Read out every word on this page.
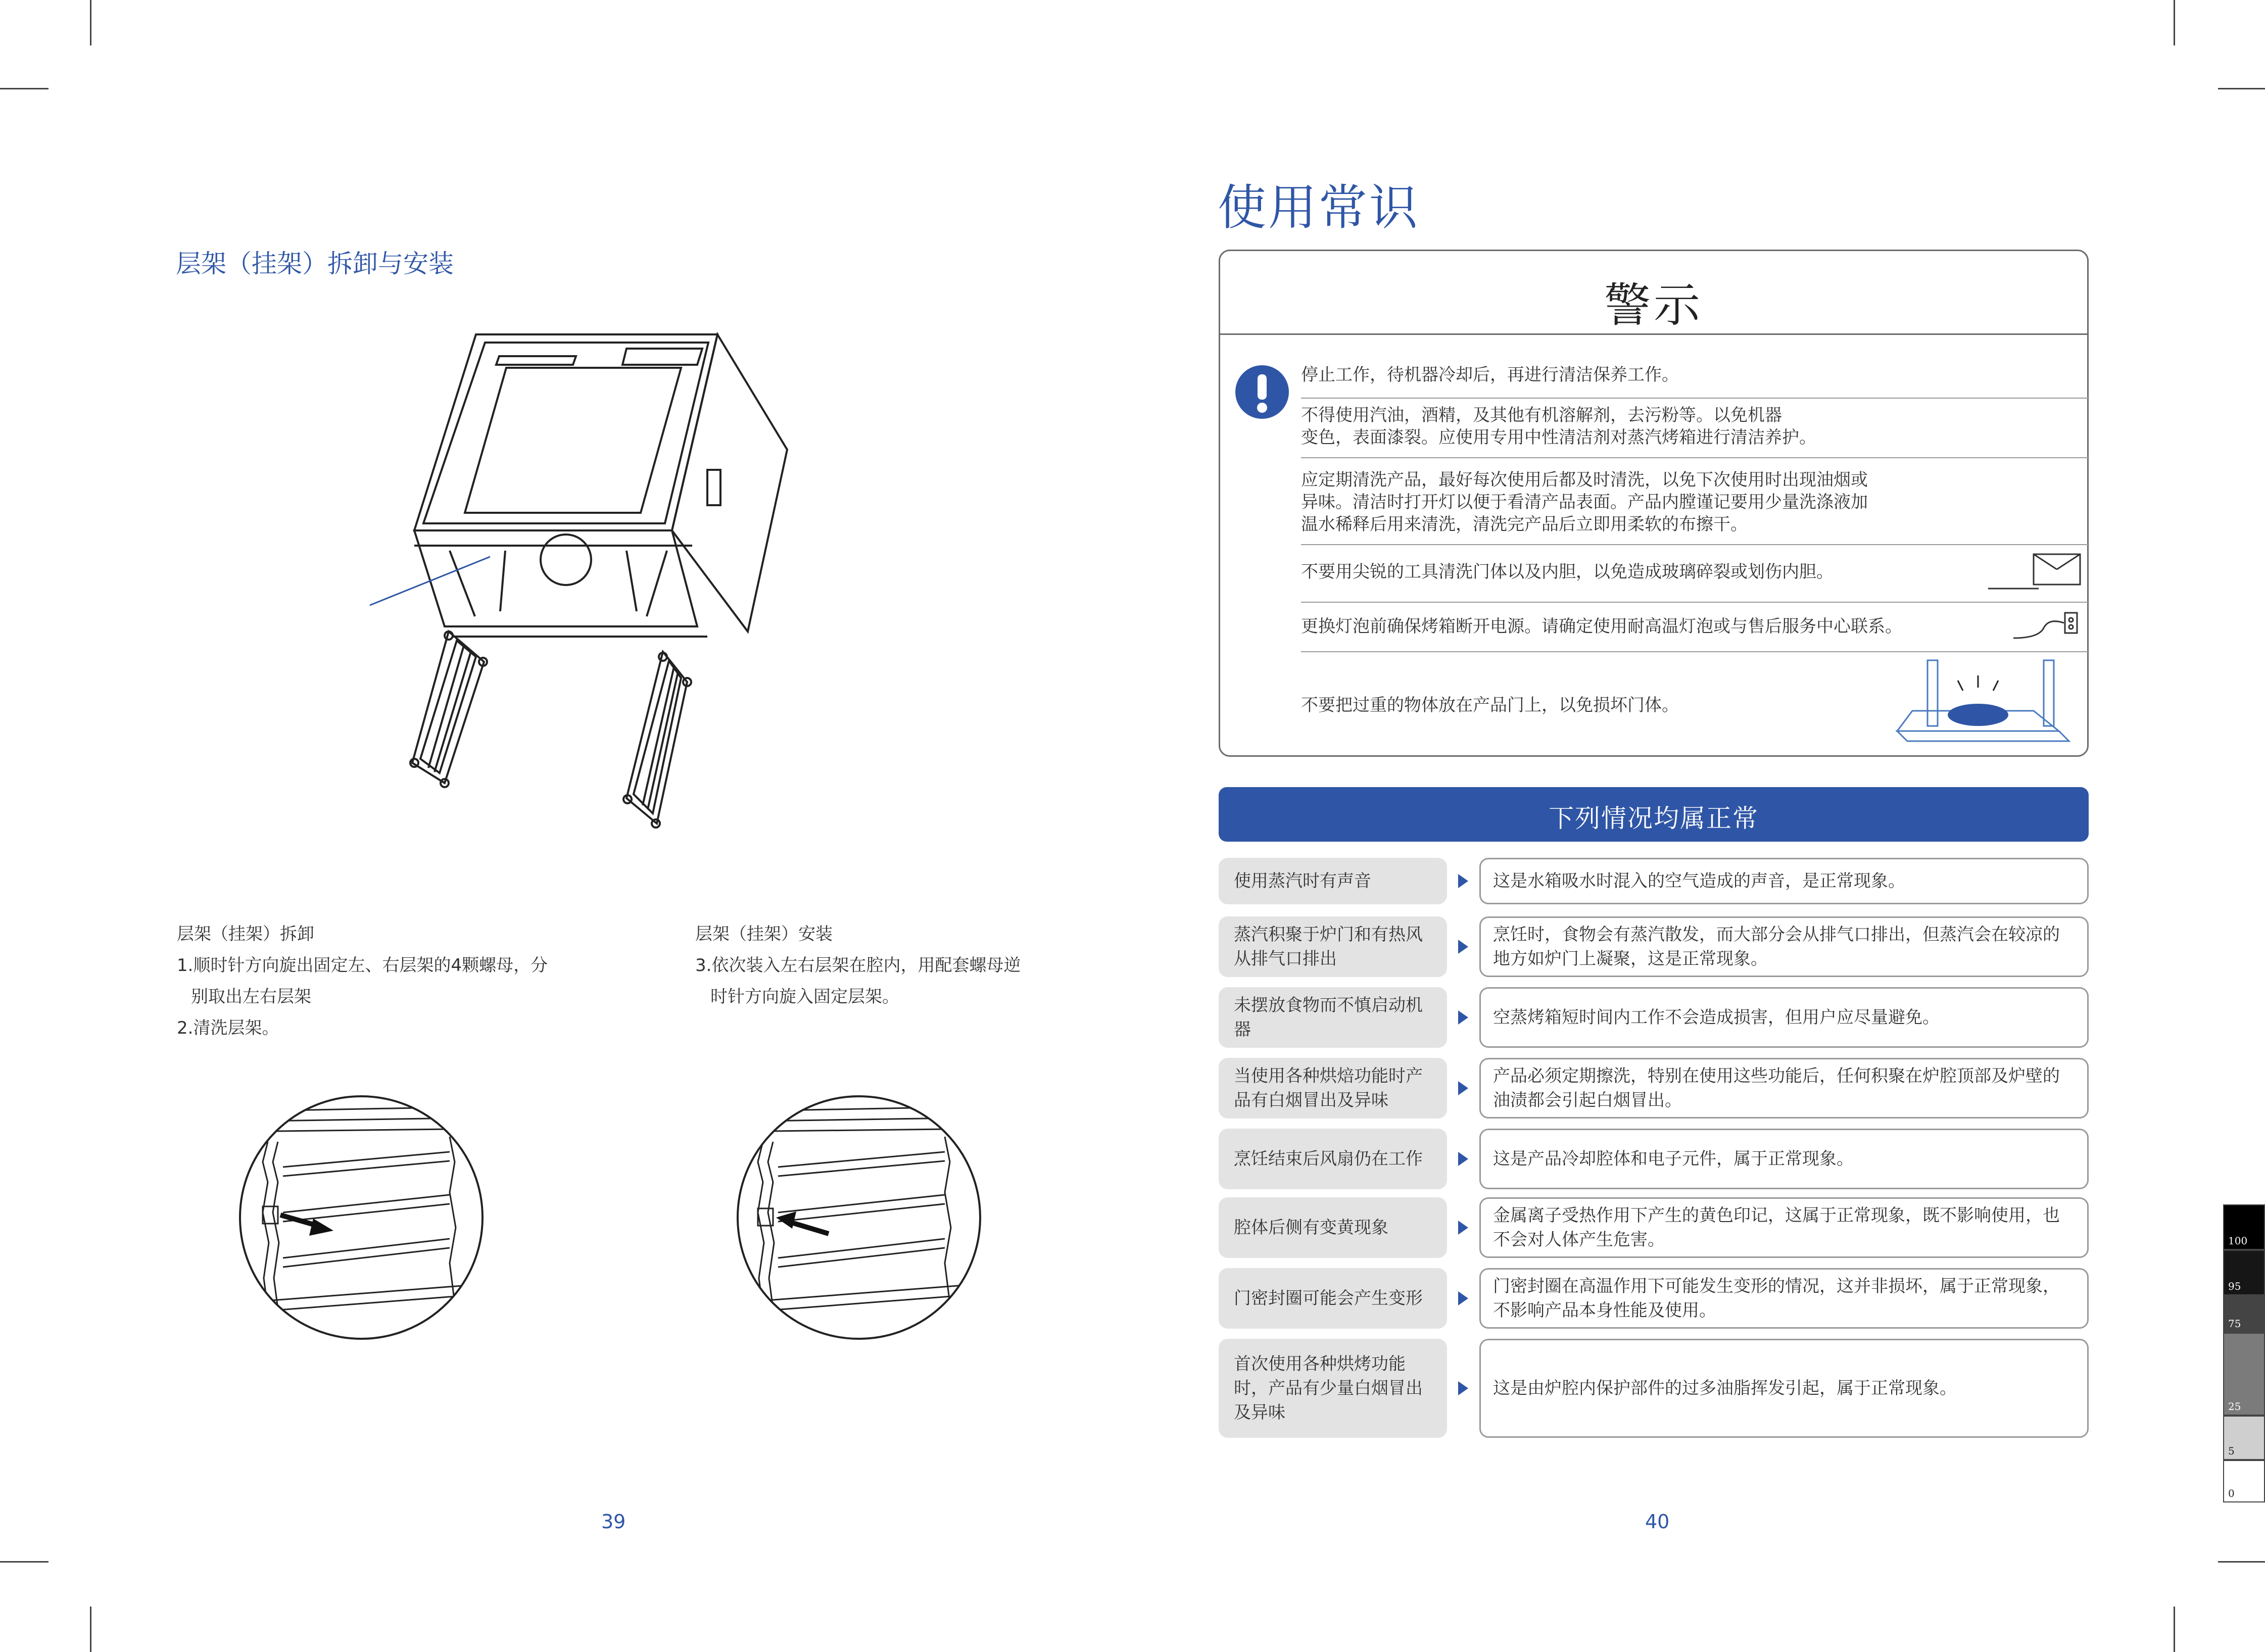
层架（挂架）拆卸与安装
层架（挂架）拆卸
1.顺时针方向旋出固定左、右层架的4颗螺母，分
别取出左右层架
2.清洗层架。
层架（挂架）安装
3.依次装入左右层架在腔内，用配套螺母逆
时针方向旋入固定层架。
39
使用常识
警示
停止工作，待机器冷却后，再进行清洁保养工作。
不得使用汽油，酒精，及其他有机溶解剂，去污粉等。以免机器
变色，表面漆裂。应使用专用中性清洁剂对蒸汽烤箱进行清洁养护。
应定期清洗产品，最好每次使用后都及时清洗，以免下次使用时出现油烟或
异味。清洁时打开灯以便于看清产品表面。产品内膛谨记要用少量洗涤液加
温水稀释后用来清洗，清洗完产品后立即用柔软的布擦干。
不要用尖锐的工具清洗门体以及内胆，以免造成玻璃碎裂或划伤内胆。
更换灯泡前确保烤箱断开电源。请确定使用耐高温灯泡或与售后服务中心联系。
不要把过重的物体放在产品门上，以免损坏门体。
下列情况均属正常
使用蒸汽时有声音	这是水箱吸水时混入的空气造成的声音，是正常现象。
蒸汽积聚于炉门和有热风从排气口排出
烹饪时，食物会有蒸汽散发，而大部分会从排气口排出，但蒸汽会在较凉的地方如炉门上凝聚，这是正常现象。
未摆放食物而不慎启动机器
空蒸烤箱短时间内工作不会造成损害，但用户应尽量避免。
当使用各种烘焙功能时产品有白烟冒出及异味
产品必须定期擦洗，特别在使用这些功能后，任何积聚在炉腔顶部及炉壁的油渍都会引起白烟冒出。
烹饪结束后风扇仍在工作	这是产品冷却腔体和电子元件，属于正常现象。
腔体后侧有变黄现象
金属离子受热作用下产生的黄色印记，这属于正常现象，既不影响使用，也不会对人体产生危害。
门密封圈可能会产生变形
门密封圈在高温作用下可能发生变形的情况，这并非损坏，属于正常现象，不影响产品本身性能及使用。
首次使用各种烘烤功能时，产品有少量白烟冒出及异味
这是由炉腔内保护部件的过多油脂挥发引起，属于正常现象。
40
100
95
75
25
5
0
